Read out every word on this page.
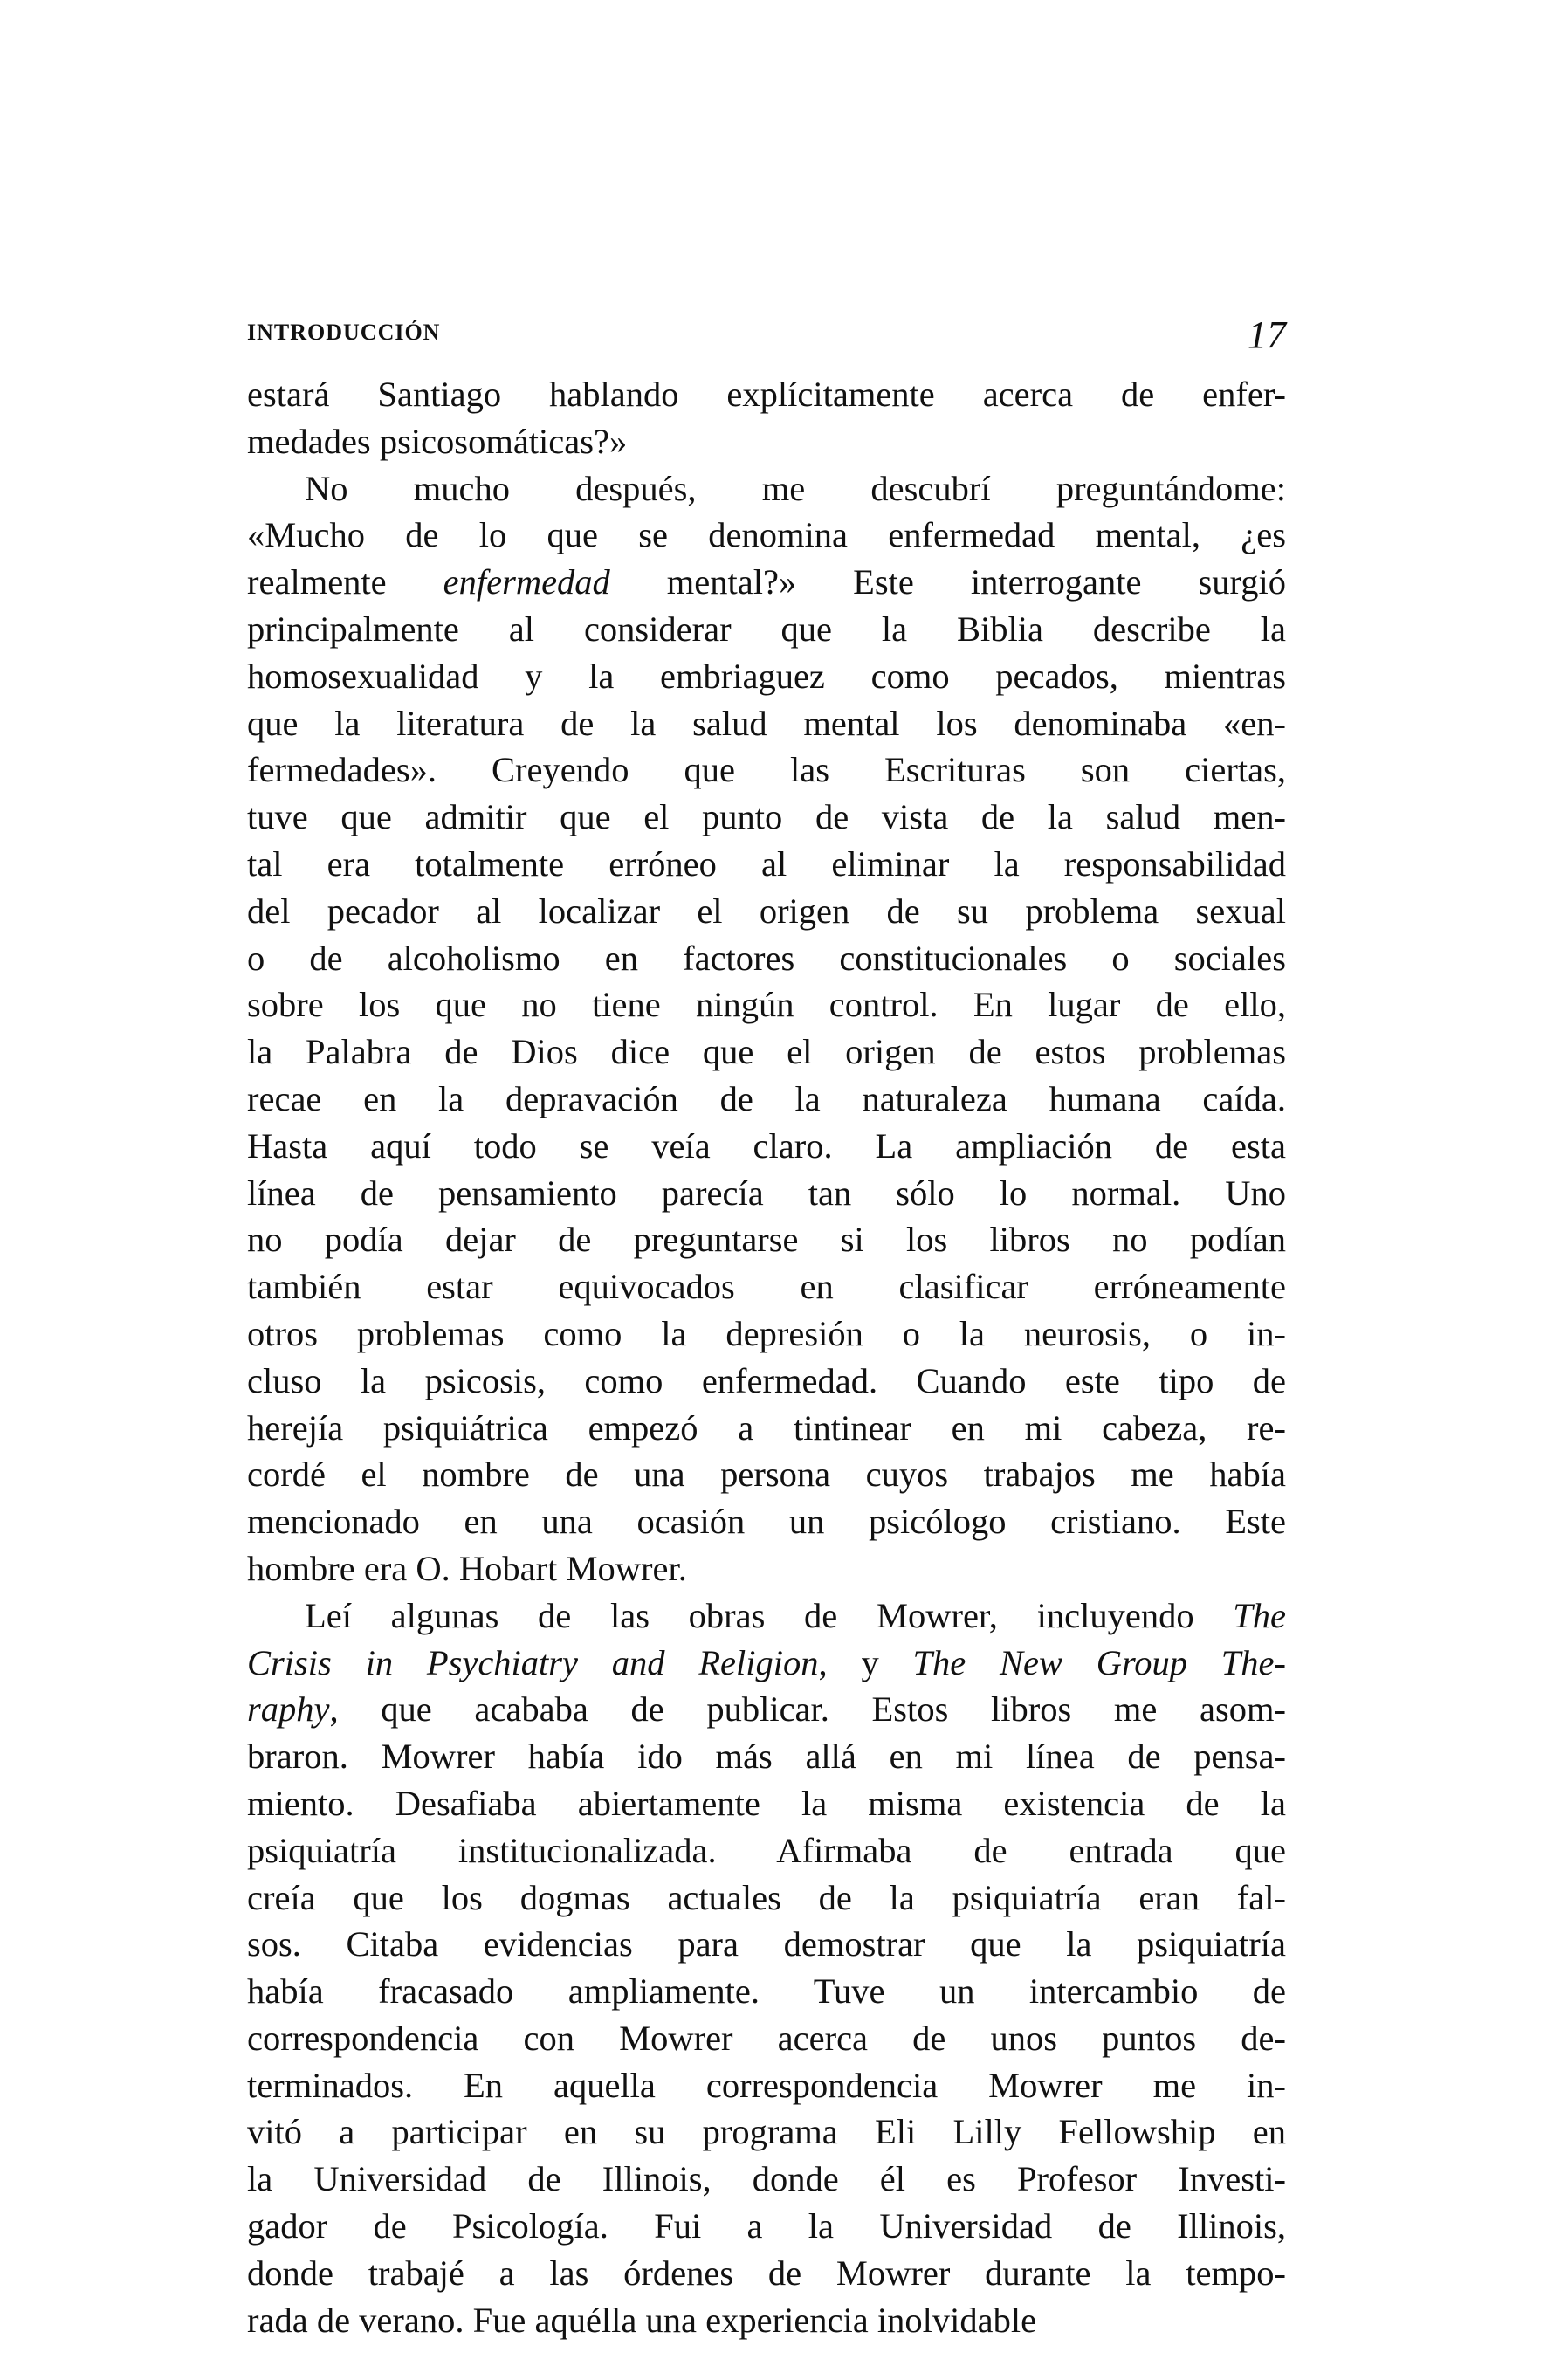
INTRODUCCIÓN	17
estará Santiago hablando explícitamente acerca de enfer-
medades psicosomáticas?»
No mucho después, me descubrí preguntándome:
«Mucho de lo que se denomina enfermedad mental, ¿es
realmente enfermedad mental?» Este interrogante surgió
principalmente al considerar que la Biblia describe la
homosexualidad y la embriaguez como pecados, mientras
que la literatura de la salud mental los denominaba «en-
fermedades». Creyendo que las Escrituras son ciertas,
tuve que admitir que el punto de vista de la salud men-
tal era totalmente erróneo al eliminar la responsabilidad
del pecador al localizar el origen de su problema sexual
o de alcoholismo en factores constitucionales o sociales
sobre los que no tiene ningún control. En lugar de ello,
la Palabra de Dios dice que el origen de estos problemas
recae en la depravación de la naturaleza humana caída.
Hasta aquí todo se veía claro. La ampliación de esta
línea de pensamiento parecía tan sólo lo normal. Uno
no podía dejar de preguntarse si los libros no podían
también estar equivocados en clasificar erróneamente
otros problemas como la depresión o la neurosis, o in-
cluso la psicosis, como enfermedad. Cuando este tipo de
herejía psiquiátrica empezó a tintinear en mi cabeza, re-
cordé el nombre de una persona cuyos trabajos me había
mencionado en una ocasión un psicólogo cristiano. Este
hombre era O. Hobart Mowrer.
Leí algunas de las obras de Mowrer, incluyendo The
Crisis in Psychiatry and Religion, y The New Group The-
raphy, que acababa de publicar. Estos libros me asom-
braron. Mowrer había ido más allá en mi línea de pensa-
miento. Desafiaba abiertamente la misma existencia de la
psiquiatría institucionalizada. Afirmaba de entrada que
creía que los dogmas actuales de la psiquiatría eran fal-
sos. Citaba evidencias para demostrar que la psiquiatría
había fracasado ampliamente. Tuve un intercambio de
correspondencia con Mowrer acerca de unos puntos de-
terminados. En aquella correspondencia Mowrer me in-
vitó a participar en su programa Eli Lilly Fellowship en
la Universidad de Illinois, donde él es Profesor Investi-
gador de Psicología. Fui a la Universidad de Illinois,
donde trabajé a las órdenes de Mowrer durante la tempo-
rada de verano. Fue aquélla una experiencia inolvidable
